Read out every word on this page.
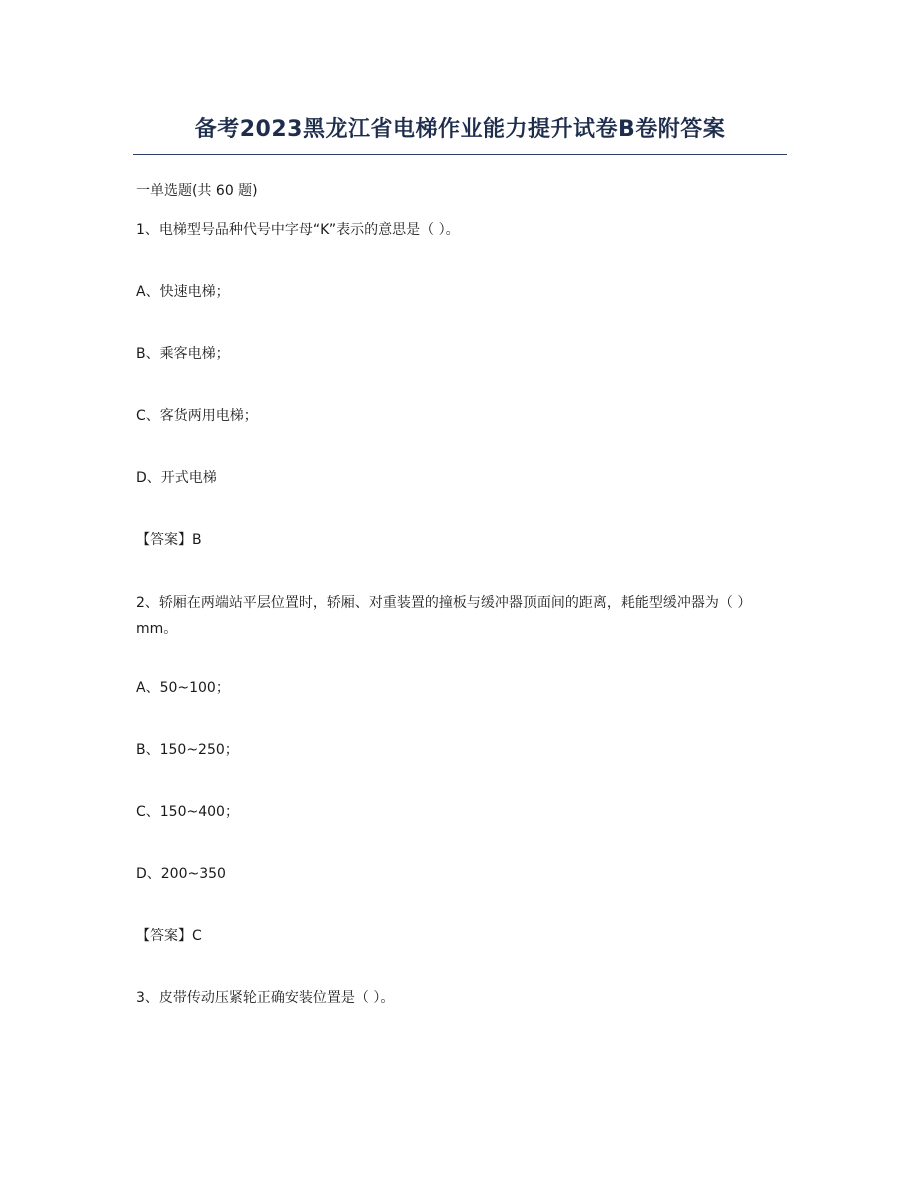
备考2023黑龙江省电梯作业能力提升试卷B卷附答案

一单选题(共 60 题)

1、电梯型号品种代号中字母“K”表示的意思是（ ）。

A、快速电梯；

B、乘客电梯；

C、客货两用电梯；

D、开式电梯

【答案】B

2、轿厢在两端站平层位置时，轿厢、对重装置的撞板与缓冲器顶面间的距离，耗能型缓冲器为（ ）mm。

A、50~100；

B、150~250；

C、150~400；

D、200~350

【答案】C

3、皮带传动压紧轮正确安装位置是（ ）。
